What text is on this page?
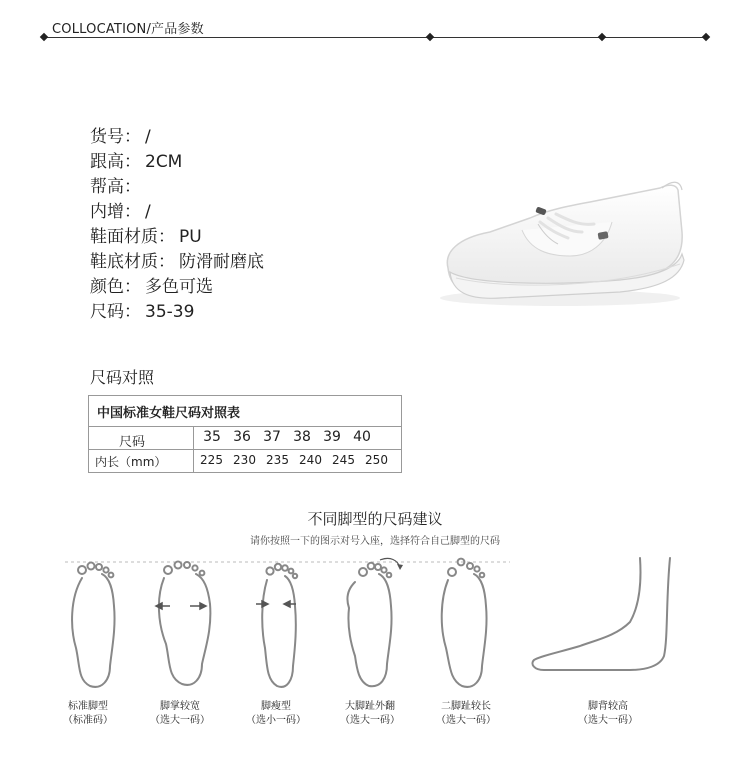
COLLOCATION/产品参数
货号： /
跟高： 2CM
帮高：
内增： /
鞋面材质： PU
鞋底材质： 防滑耐磨底
颜色： 多色可选
尺码： 35-39
尺码对照
中国标准女鞋尺码对照表
尺码
内长（mm）
35 36 37 38 39 40
225 230 235 240 245 250
不同脚型的尺码建议
请你按照一下的图示对号入座，选择符合自己脚型的尺码
标准脚型
（标准码）
脚掌较宽
（选大一码）
脚瘦型
（选小一码）
大脚趾外翻
（选大一码）
二脚趾较长
（选大一码）
脚背较高
（选大一码）
